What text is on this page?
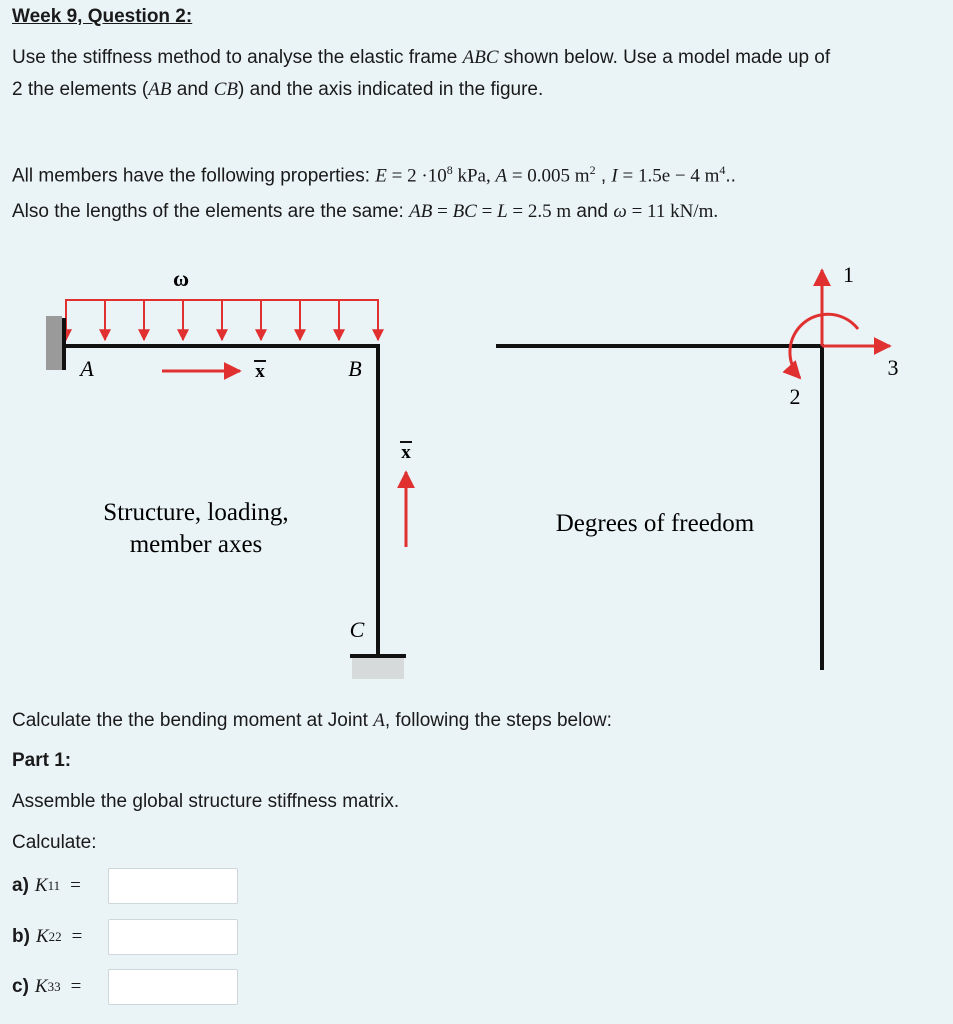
Week 9, Question 2:
Use the stiffness method to analyse the elastic frame ABC shown below. Use a model made up of
2 the elements (AB and CB) and the axis indicated in the figure.
All members have the following properties: $E = 2 \cdot 10^8$ kPa, A = 0.005 $m^2$ , I = 1.5e − 4 $m^4$..
Also the lengths of the elements are the same: AB = BC = L = 2.5 m and ω = 11 kN/m.
ω
A	B
C
x
x
Structure, loading,
member axes
1
2
3
Degrees of freedom
Calculate the the bending moment at Joint A, following the steps below:
Part 1:
Assemble the global structure stiffness matrix.
Calculate:
a) K 11 =
b) K 22 =
c) K 33 =
